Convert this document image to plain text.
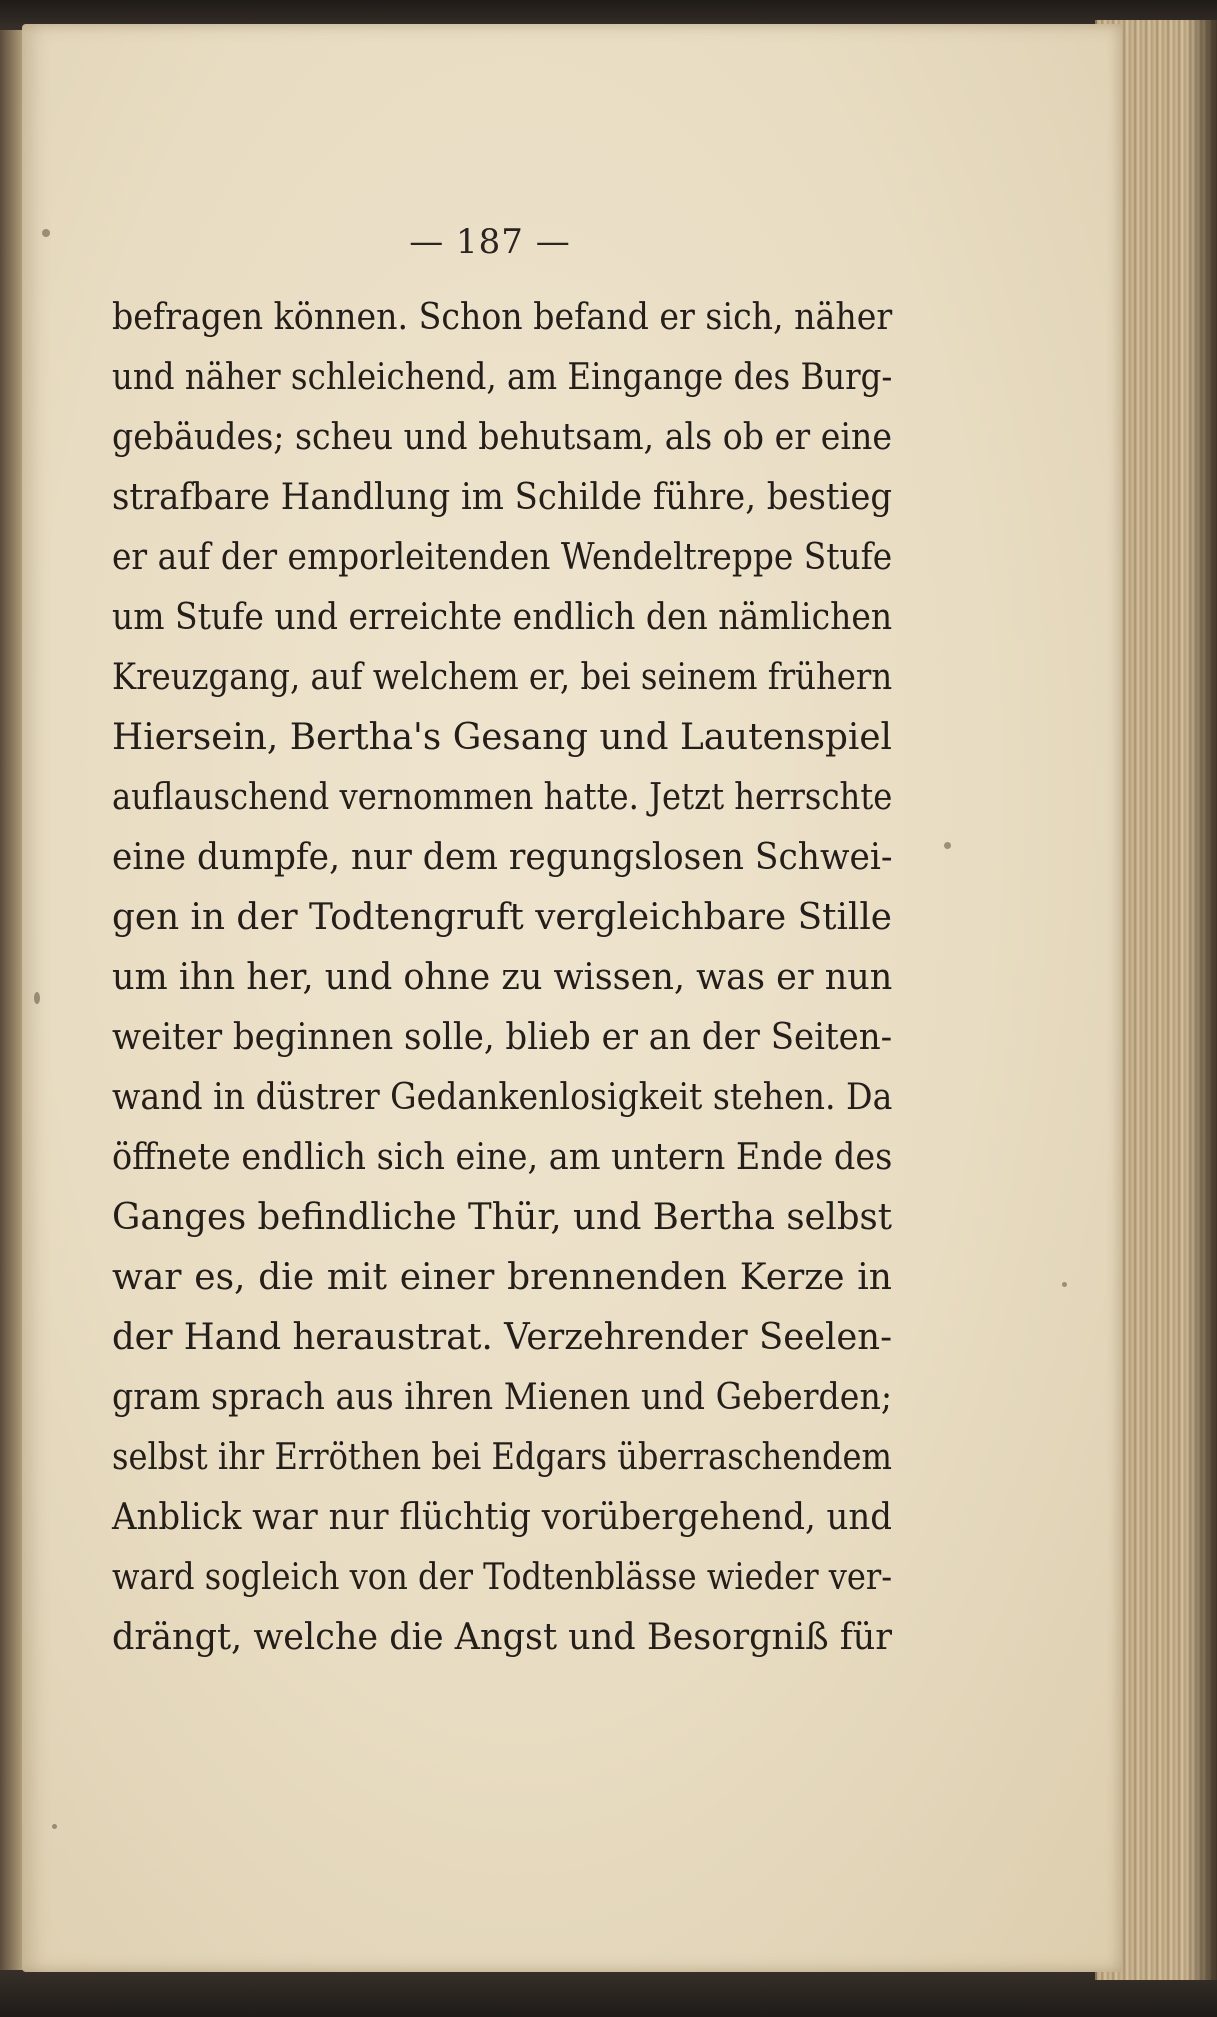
— 187 —
befragen können. Schon befand er sich, näher
und näher schleichend, am Eingange des Burg-
gebäudes; scheu und behutsam, als ob er eine
strafbare Handlung im Schilde führe, bestieg
er auf der emporleitenden Wendeltreppe Stufe
um Stufe und erreichte endlich den nämlichen
Kreuzgang, auf welchem er, bei seinem frühern
Hiersein, Bertha's Gesang und Lautenspiel
auflauschend vernommen hatte. Jetzt herrschte
eine dumpfe, nur dem regungslosen Schwei-
gen in der Todtengruft vergleichbare Stille
um ihn her, und ohne zu wissen, was er nun
weiter beginnen solle, blieb er an der Seiten-
wand in düstrer Gedankenlosigkeit stehen. Da
öffnete endlich sich eine, am untern Ende des
Ganges befindliche Thür, und Bertha selbst
war es, die mit einer brennenden Kerze in
der Hand heraustrat. Verzehrender Seelen-
gram sprach aus ihren Mienen und Geberden;
selbst ihr Erröthen bei Edgars überraschendem
Anblick war nur flüchtig vorübergehend, und
ward sogleich von der Todtenblässe wieder ver-
drängt, welche die Angst und Besorgniß für
